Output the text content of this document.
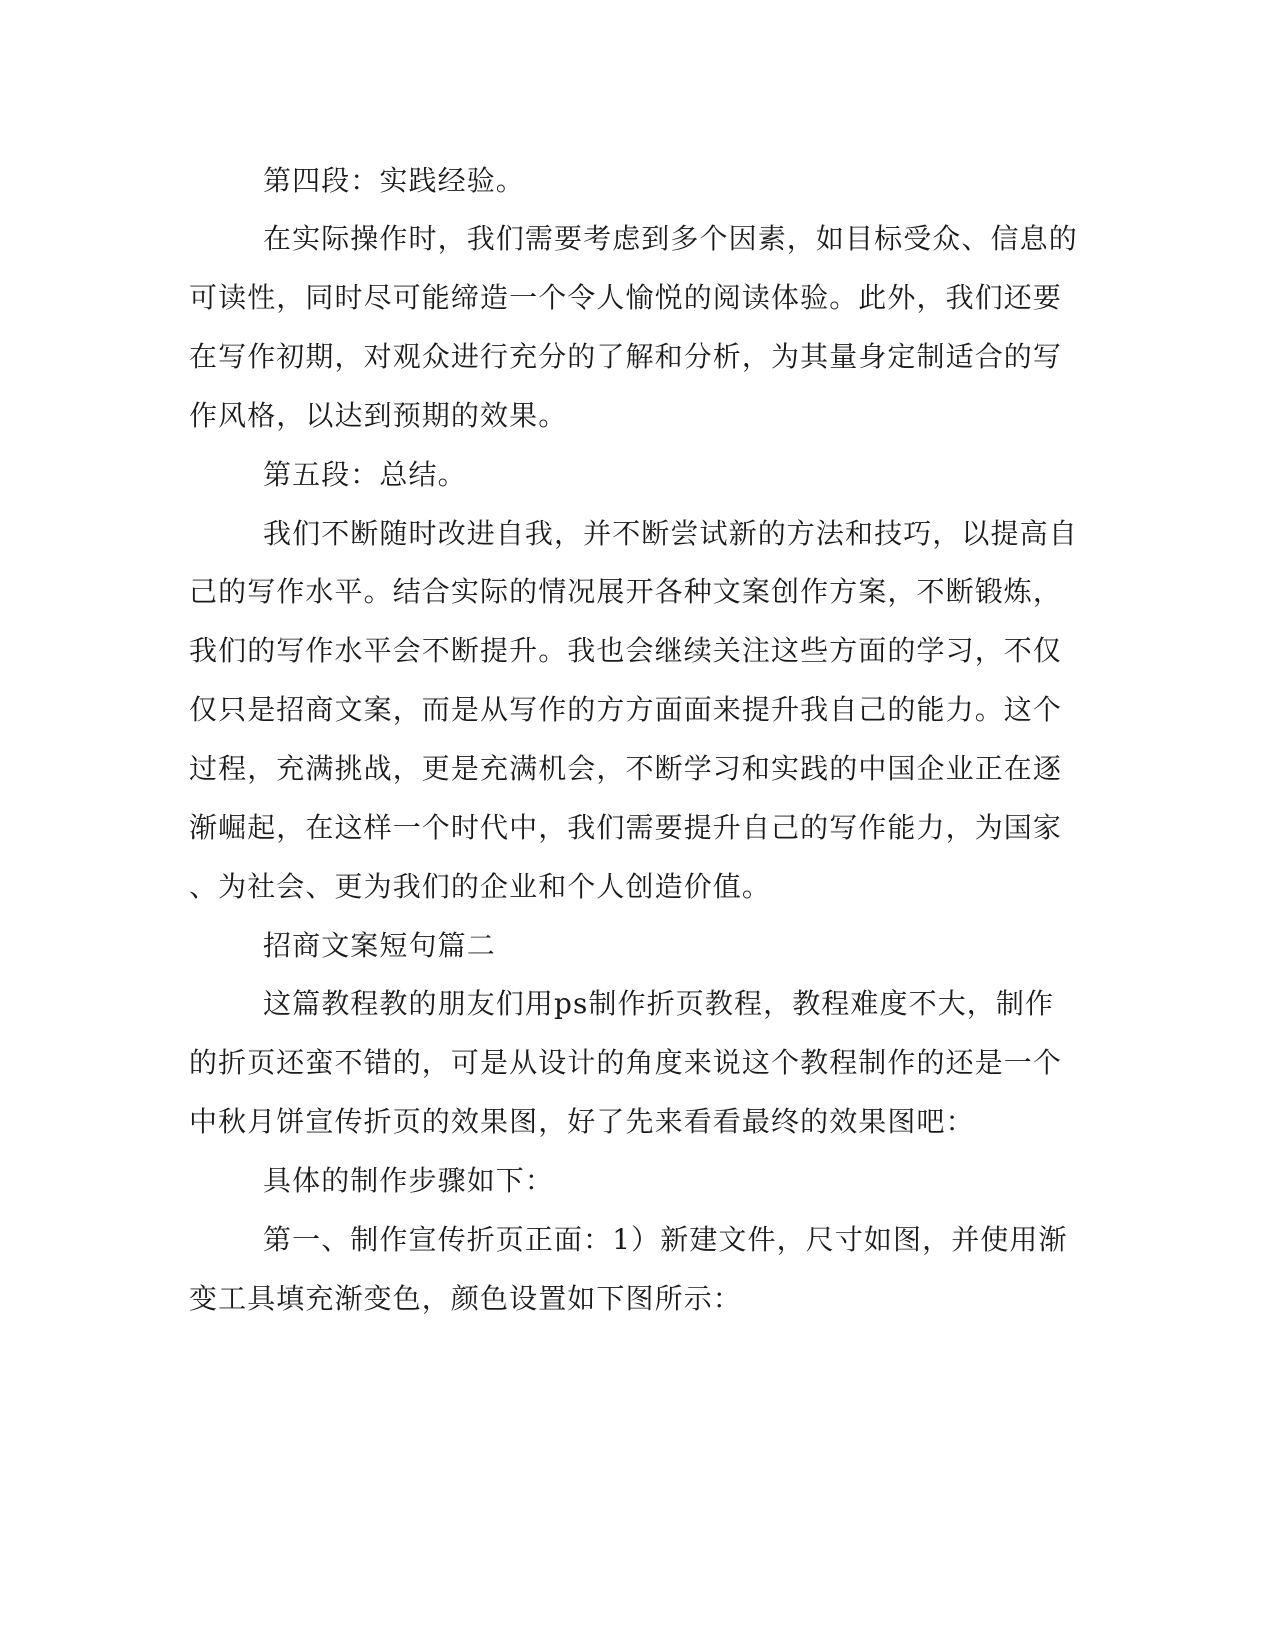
第四段：实践经验。

在实际操作时，我们需要考虑到多个因素，如目标受众、信息的

可读性，同时尽可能缔造一个令人愉悦的阅读体验。此外，我们还要

在写作初期，对观众进行充分的了解和分析，为其量身定制适合的写

作风格，以达到预期的效果。

第五段：总结。

我们不断随时改进自我，并不断尝试新的方法和技巧，以提高自

己的写作水平。结合实际的情况展开各种文案创作方案，不断锻炼，

我们的写作水平会不断提升。我也会继续关注这些方面的学习，不仅

仅只是招商文案，而是从写作的方方面面来提升我自己的能力。这个

过程，充满挑战，更是充满机会，不断学习和实践的中国企业正在逐

渐崛起，在这样一个时代中，我们需要提升自己的写作能力，为国家

、为社会、更为我们的企业和个人创造价值。

招商文案短句篇二

这篇教程教的朋友们用ps制作折页教程，教程难度不大，制作

的折页还蛮不错的，可是从设计的角度来说这个教程制作的还是一个

中秋月饼宣传折页的效果图，好了先来看看最终的效果图吧：

具体的制作步骤如下：

第一、制作宣传折页正面：1）新建文件，尺寸如图，并使用渐

变工具填充渐变色，颜色设置如下图所示：
